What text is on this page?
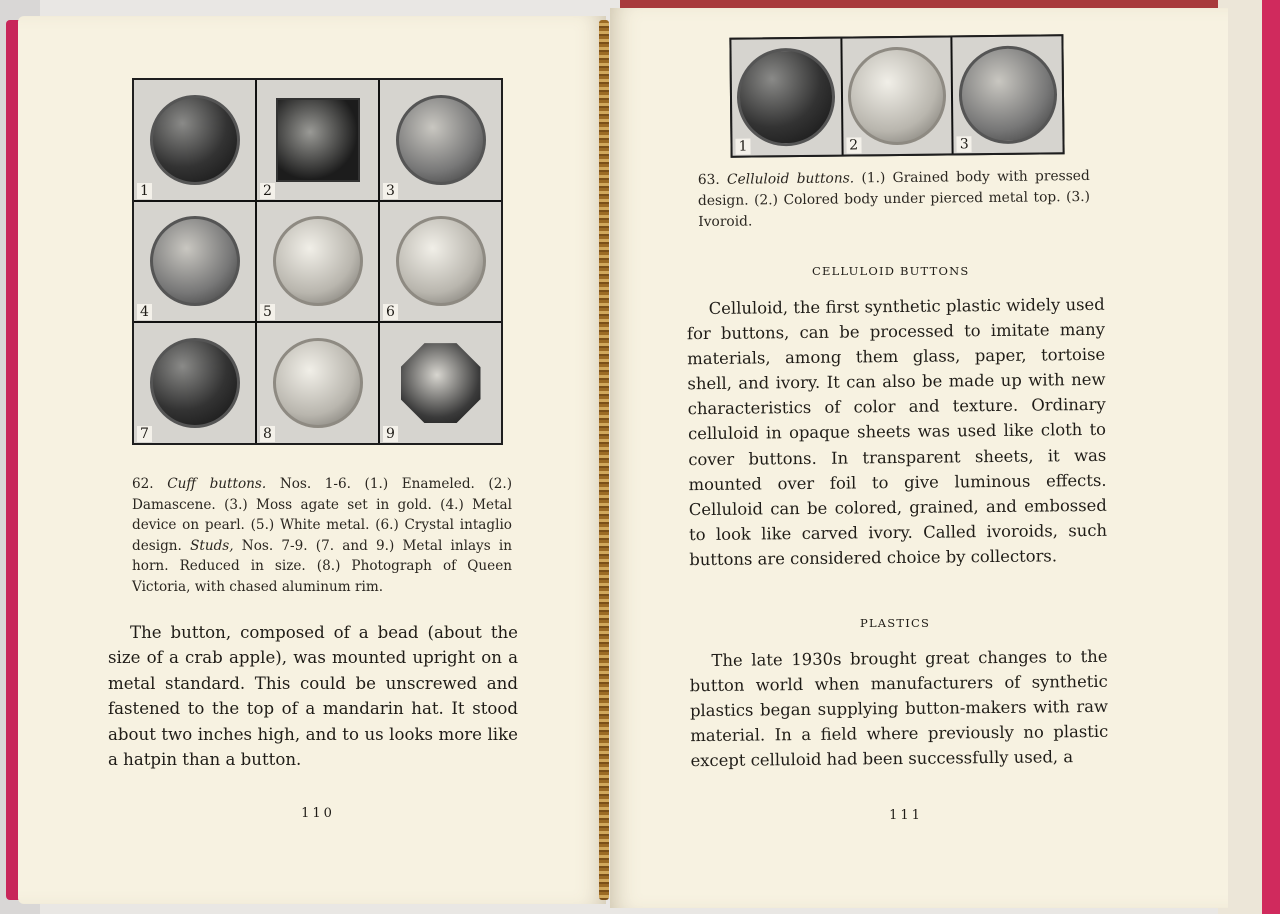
1	2	3
4	5	6
7	8	9
62. Cuff buttons. Nos. 1-6. (1.) Enameled. (2.) Damascene. (3.) Moss agate set in gold. (4.) Metal device on pearl. (5.) White metal. (6.) Crystal intaglio design. Studs, Nos. 7-9. (7. and 9.) Metal inlays in horn. Reduced in size. (8.) Photograph of Queen Victoria, with chased aluminum rim.

The button, composed of a bead (about the size of a crab apple), was mounted upright on a metal standard. This could be unscrewed and fastened to the top of a mandarin hat. It stood about two inches high, and to us looks more like a hatpin than a button.

110
1	2	3
63. Celluloid buttons. (1.) Grained body with pressed design. (2.) Colored body under pierced metal top. (3.) Ivoroid.
CELLULOID BUTTONS

Celluloid, the first synthetic plastic widely used for buttons, can be processed to imitate many materials, among them glass, paper, tortoise shell, and ivory. It can also be made up with new characteristics of color and texture. Ordinary celluloid in opaque sheets was used like cloth to cover buttons. In transparent sheets, it was mounted over foil to give luminous effects. Celluloid can be colored, grained, and embossed to look like carved ivory. Called ivoroids, such buttons are considered choice by collectors.

PLASTICS

The late 1930s brought great changes to the button world when manufacturers of synthetic plastics began supplying button-makers with raw material. In a field where previously no plastic except celluloid had been successfully used, a

111
